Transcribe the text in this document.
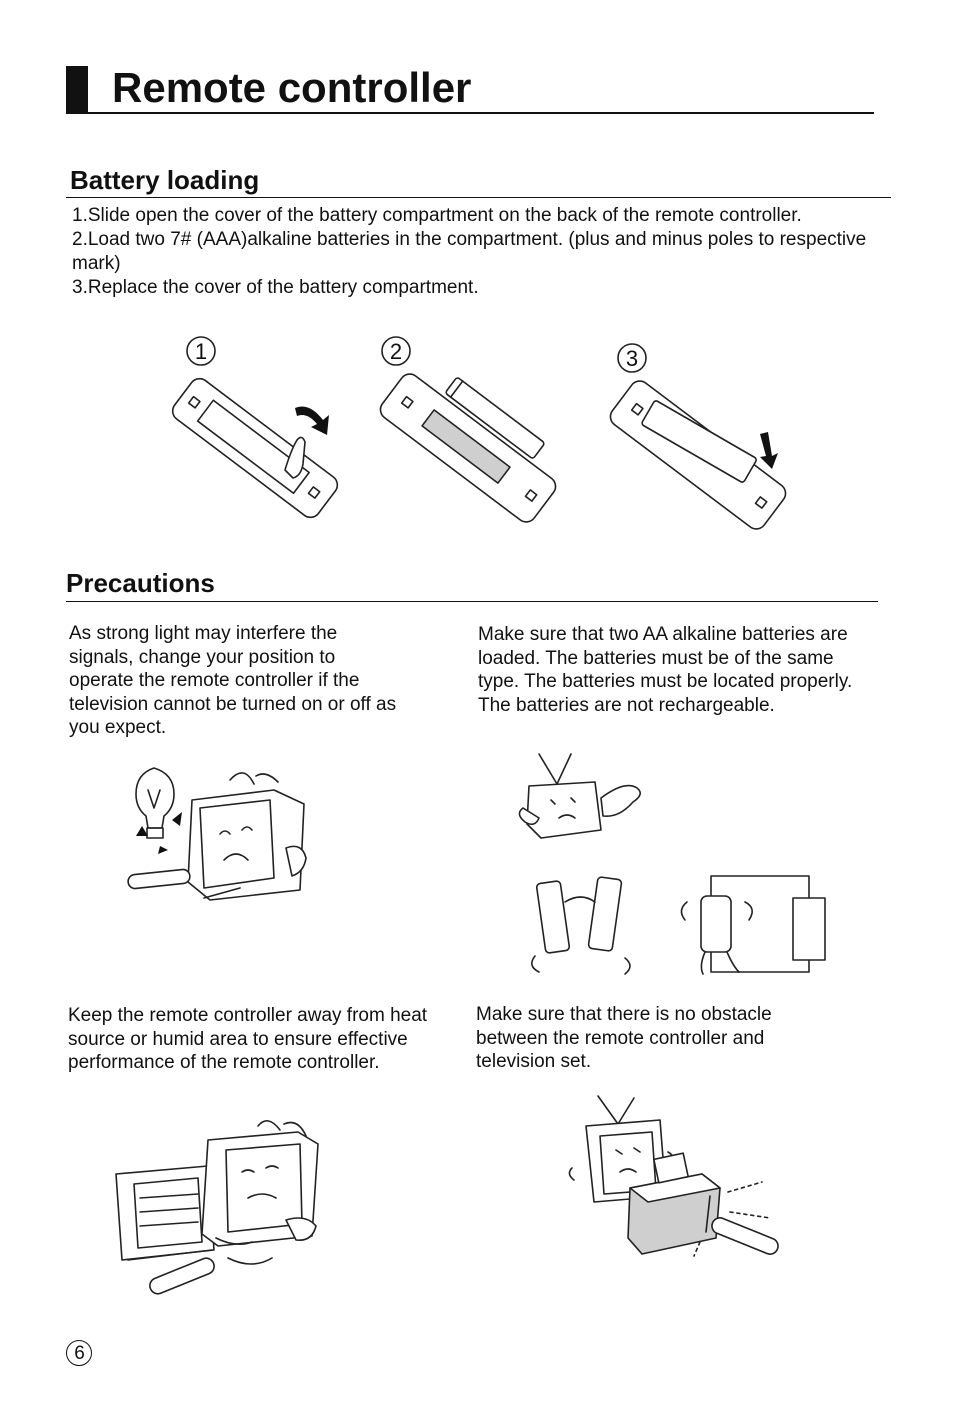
Remote controller
Battery loading

1.Slide open the cover of the battery compartment on the back of the remote controller.

2.Load two 7# (AAA)alkaline batteries in the compartment. (plus and minus poles to respective mark)

3.Replace the cover of the battery compartment.

1	2	3
Precautions

As strong light may interfere the signals, change your position to operate the remote controller if the television cannot be turned on or off as you expect.

Make sure that two AA alkaline batteries are loaded. The batteries must be of the same type. The batteries must be located properly. The batteries are not rechargeable.

Keep the remote controller away from heat source or humid area to ensure effective performance of the remote controller.

Make sure that there is no obstacle between the remote controller and television set.

6
